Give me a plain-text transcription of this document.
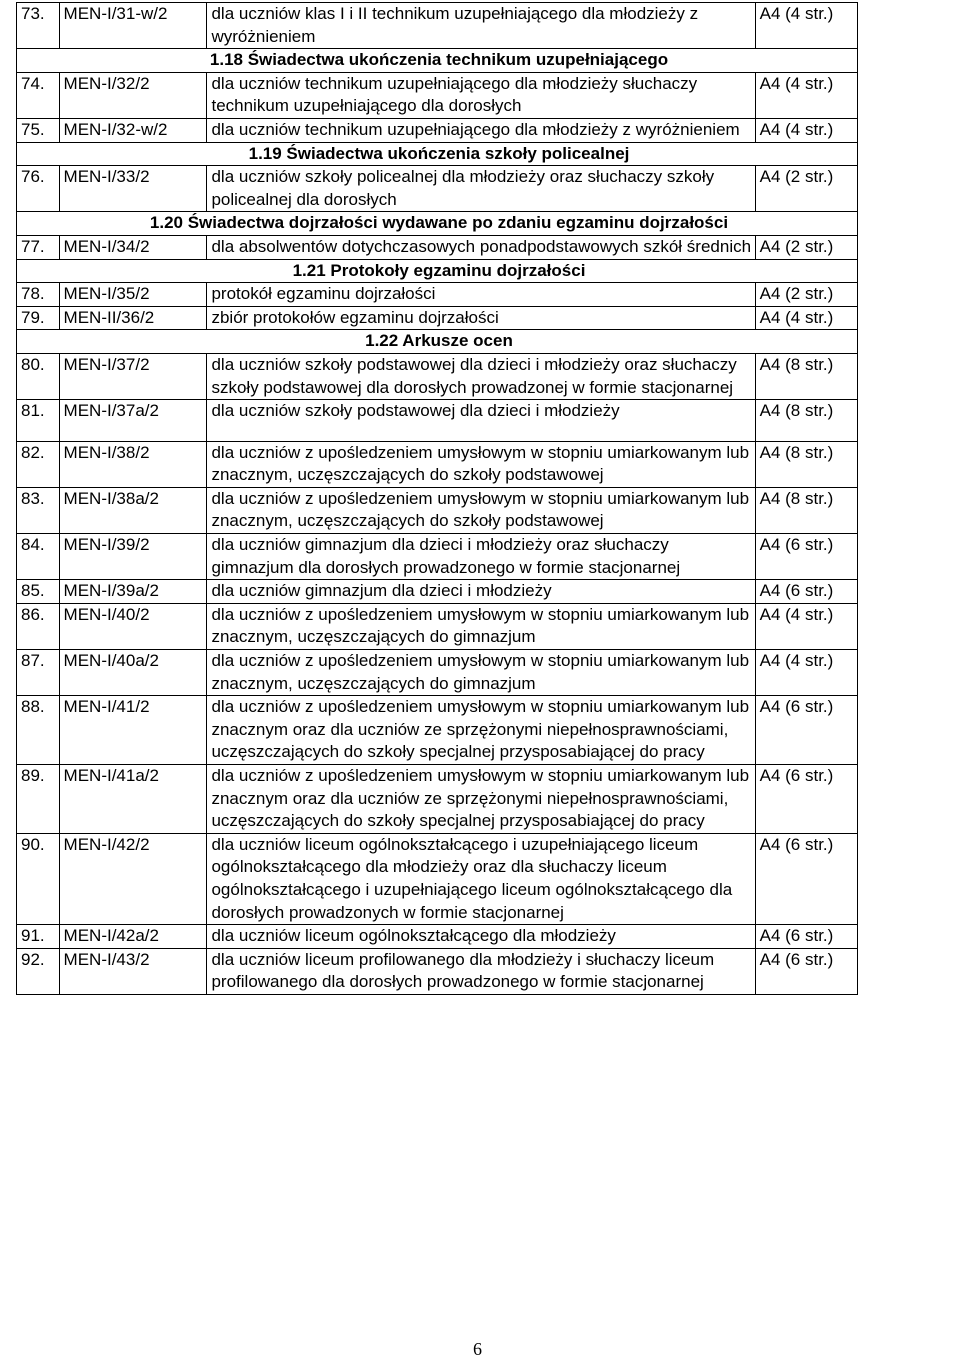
73.	MEN-I/31-w/2	dla uczniów klas I i II technikum uzupełniającego dla młodzieży z wyróżnieniem	A4 (4 str.)
1.18 Świadectwa ukończenia technikum uzupełniającego			
74.	MEN-I/32/2	dla uczniów technikum uzupełniającego dla młodzieży słuchaczy technikum uzupełniającego dla dorosłych	A4 (4 str.)
75.	MEN-I/32-w/2	dla uczniów technikum uzupełniającego dla młodzieży z wyróżnieniem	A4 (4 str.)
1.19 Świadectwa ukończenia szkoły policealnej			
76.	MEN-I/33/2	dla uczniów szkoły policealnej dla młodzieży oraz słuchaczy szkoły policealnej dla dorosłych	A4 (2 str.)
1.20 Świadectwa dojrzałości wydawane po zdaniu egzaminu dojrzałości			
77.	MEN-I/34/2	dla absolwentów dotychczasowych ponadpodstawowych szkół średnich	A4 (2 str.)
1.21 Protokoły egzaminu dojrzałości			
78.	MEN-I/35/2	protokół egzaminu dojrzałości	A4 (2 str.)
79.	MEN-II/36/2	zbiór protokołów egzaminu dojrzałości	A4 (4 str.)
1.22 Arkusze ocen			
80.	MEN-I/37/2	dla uczniów szkoły podstawowej dla dzieci i młodzieży oraz słuchaczy szkoły podstawowej dla dorosłych prowadzonej w formie stacjonarnej	A4 (8 str.)
81.	MEN-I/37a/2	dla uczniów szkoły podstawowej dla dzieci i młodzieży	A4 (8 str.)
82.	MEN-I/38/2	dla uczniów z upośledzeniem umysłowym w stopniu umiarkowanym lub znacznym, uczęszczających do szkoły podstawowej	A4 (8 str.)
83.	MEN-I/38a/2	dla uczniów z upośledzeniem umysłowym w stopniu umiarkowanym lub znacznym, uczęszczających do szkoły podstawowej	A4 (8 str.)
84.	MEN-I/39/2	dla uczniów gimnazjum dla dzieci i młodzieży oraz słuchaczy gimnazjum dla dorosłych prowadzonego w formie stacjonarnej	A4 (6 str.)
85.	MEN-I/39a/2	dla uczniów gimnazjum dla dzieci i młodzieży	A4 (6 str.)
86.	MEN-I/40/2	dla uczniów z upośledzeniem umysłowym w stopniu umiarkowanym lub znacznym, uczęszczających do gimnazjum	A4 (4 str.)
87.	MEN-I/40a/2	dla uczniów z upośledzeniem umysłowym w stopniu umiarkowanym lub znacznym, uczęszczających do gimnazjum	A4 (4 str.)
88.	MEN-I/41/2	dla uczniów z upośledzeniem umysłowym w stopniu umiarkowanym lub znacznym oraz dla uczniów ze sprzężonymi niepełnosprawnościami, uczęszczających do szkoły specjalnej przysposabiającej do pracy	A4 (6 str.)
89.	MEN-I/41a/2	dla uczniów z upośledzeniem umysłowym w stopniu umiarkowanym lub znacznym oraz dla uczniów ze sprzężonymi niepełnosprawnościami, uczęszczających do szkoły specjalnej przysposabiającej do pracy	A4 (6 str.)
90.	MEN-I/42/2	dla uczniów liceum ogólnokształcącego i uzupełniającego liceum ogólnokształcącego dla młodzieży oraz dla słuchaczy liceum ogólnokształcącego i uzupełniającego liceum ogólnokształcącego dla dorosłych prowadzonych w formie stacjonarnej	A4 (6 str.)
91.	MEN-I/42a/2	dla uczniów liceum ogólnokształcącego dla młodzieży	A4 (6 str.)
92.	MEN-I/43/2	dla uczniów liceum profilowanego dla młodzieży i słuchaczy liceum profilowanego dla dorosłych prowadzonego w formie stacjonarnej	A4 (6 str.)
6
